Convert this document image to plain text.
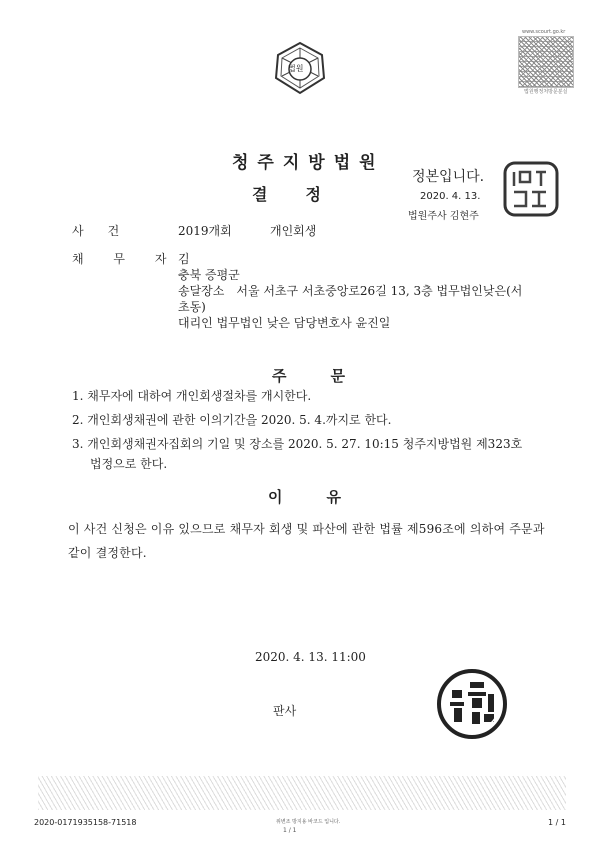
법원
www.scourt.go.kr
법원행정처방문분실
청주지방법원
결정
정본입니다.
2020. 4. 13.
법원주사 김현주
사　　건	2019개회	개인회생
채 무 자
김
충북 증평군
송달장소　서울 서초구 서초중앙로26길 13, 3층 법무법인낮은(서
초동)
대리인 법무법인 낮은 담당변호사 윤진일
주문
1. 채무자에 대하여 개인회생절차를 개시한다.
2. 개인회생채권에 관한 이의기간을 2020. 5. 4.까지로 한다.
3. 개인회생채권자집회의 기일 및 장소를 2020. 5. 27. 10:15 청주지방법원 제323호
법정으로 한다.
이유
이 사건 신청은 이유 있으므로 채무자 회생 및 파산에 관한 법률 제596조에 의하여 주문과 같이 결정한다.
2020. 4. 13. 11:00
판사
2020-0171935158-71518	위변조 방지용 바코드 입니다.
1 / 1
1 / 1
